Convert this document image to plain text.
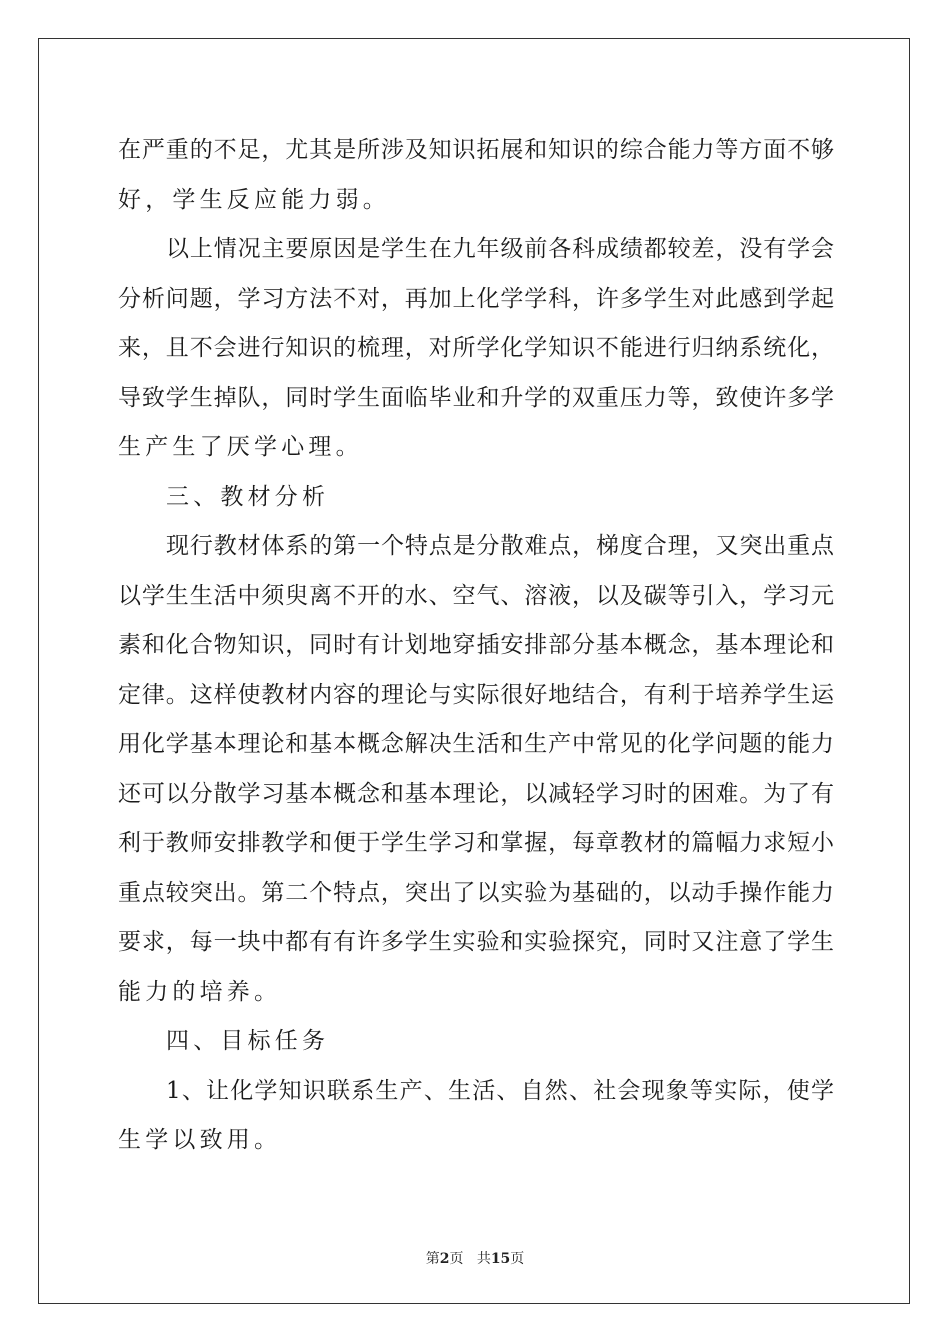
在严重的不足，尤其是所涉及知识拓展和知识的综合能力等方面不够
好，学生反应能力弱。
以上情况主要原因是学生在九年级前各科成绩都较差，没有学会
分析问题，学习方法不对，再加上化学学科，许多学生对此感到学起
来，且不会进行知识的梳理，对所学化学知识不能进行归纳系统化，
导致学生掉队，同时学生面临毕业和升学的双重压力等，致使许多学
生产生了厌学心理。
三、教材分析
现行教材体系的第一个特点是分散难点，梯度合理，又突出重点
以学生生活中须臾离不开的水、空气、溶液，以及碳等引入，学习元
素和化合物知识，同时有计划地穿插安排部分基本概念，基本理论和
定律。这样使教材内容的理论与实际很好地结合，有利于培养学生运
用化学基本理论和基本概念解决生活和生产中常见的化学问题的能力
还可以分散学习基本概念和基本理论，以减轻学习时的困难。为了有
利于教师安排教学和便于学生学习和掌握，每章教材的篇幅力求短小
重点较突出。第二个特点，突出了以实验为基础的，以动手操作能力
要求，每一块中都有有许多学生实验和实验探究，同时又注意了学生
能力的培养。
四、目标任务
1、让化学知识联系生产、生活、自然、社会现象等实际，使学
生学以致用。
第2页 共15页
